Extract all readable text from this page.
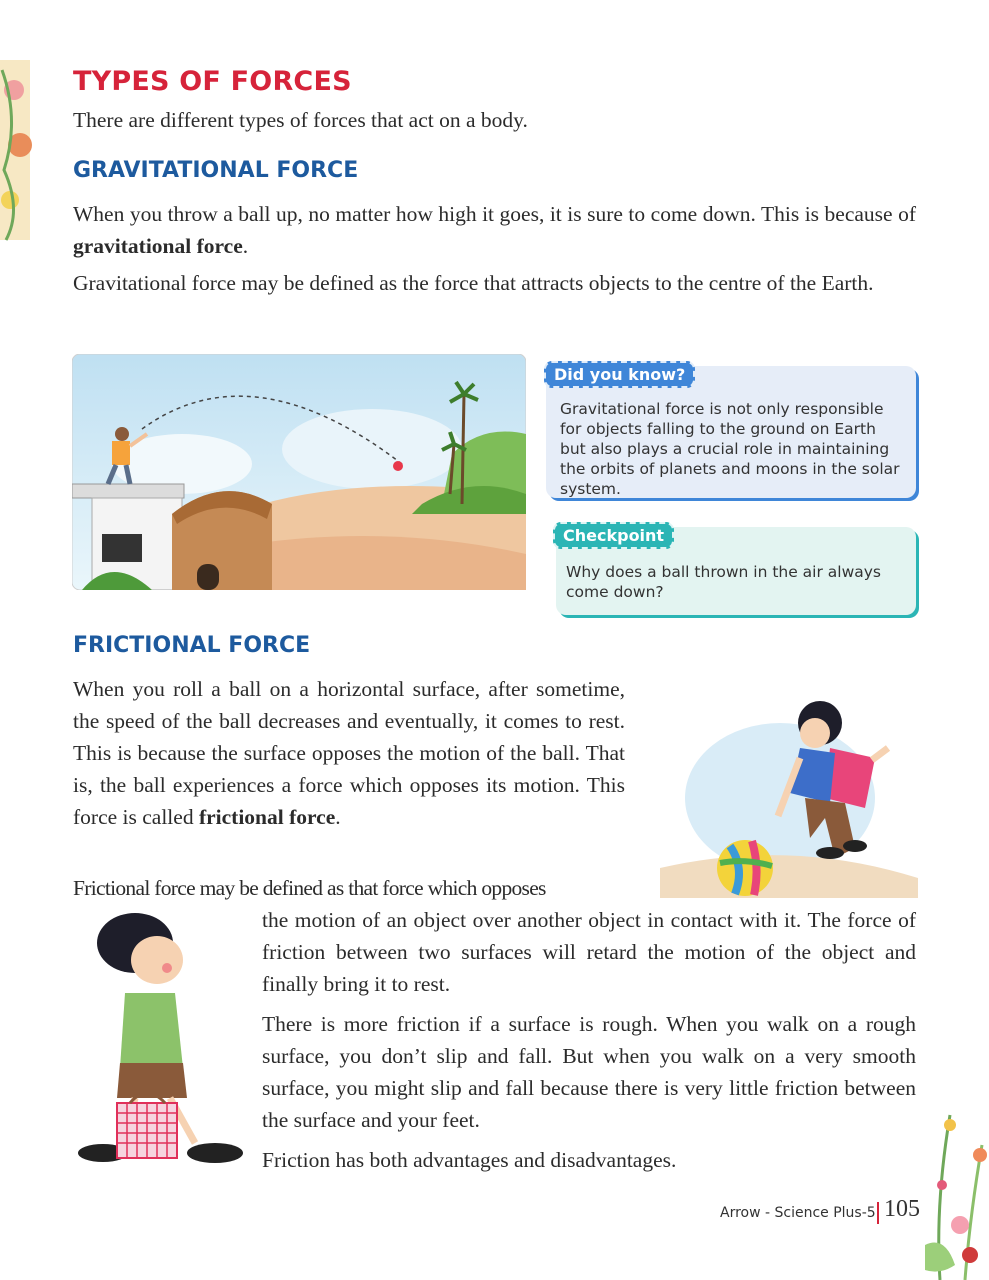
TYPES OF FORCES
There are different types of forces that act on a body.
GRAVITATIONAL FORCE
When you throw a ball up, no matter how high it goes, it is sure to come down. This is because of gravitational force.
Gravitational force may be defined as the force that attracts objects to the centre of the Earth.
Did you know?
Gravitational force is not only responsible for objects falling to the ground on Earth but also plays a crucial role in maintaining the orbits of planets and moons in the solar system.
Checkpoint
Why does a ball thrown in the air always come down?
FRICTIONAL FORCE
When you roll a ball on a horizontal surface, after sometime, the speed of the ball decreases and eventually, it comes to rest. This is because the surface opposes the motion of the ball. That is, the ball experiences a force which opposes its motion. This force is called frictional force.
Frictional force may be defined as that force which opposes
the motion of an object over another object in contact with it. The force of friction between two surfaces will retard the motion of the object and finally bring it to rest.
There is more friction if a surface is rough. When you walk on a rough surface, you don’t slip and fall. But when you walk on a very smooth surface, you might slip and fall because there is very little friction between the surface and your feet.
Friction has both advantages and disadvantages.
Arrow - Science Plus-5 105
